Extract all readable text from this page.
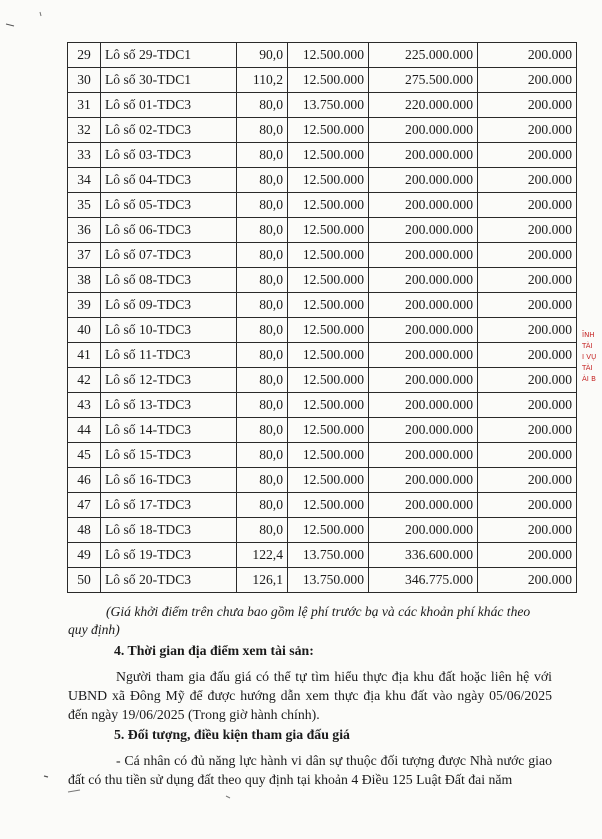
29	Lô số 29-TDC1	90,0	12.500.000	225.000.000	200.000
30	Lô số 30-TDC1	110,2	12.500.000	275.500.000	200.000
31	Lô số 01-TDC3	80,0	13.750.000	220.000.000	200.000
32	Lô số 02-TDC3	80,0	12.500.000	200.000.000	200.000
33	Lô số 03-TDC3	80,0	12.500.000	200.000.000	200.000
34	Lô số 04-TDC3	80,0	12.500.000	200.000.000	200.000
35	Lô số 05-TDC3	80,0	12.500.000	200.000.000	200.000
36	Lô số 06-TDC3	80,0	12.500.000	200.000.000	200.000
37	Lô số 07-TDC3	80,0	12.500.000	200.000.000	200.000
38	Lô số 08-TDC3	80,0	12.500.000	200.000.000	200.000
39	Lô số 09-TDC3	80,0	12.500.000	200.000.000	200.000
40	Lô số 10-TDC3	80,0	12.500.000	200.000.000	200.000
41	Lô số 11-TDC3	80,0	12.500.000	200.000.000	200.000
42	Lô số 12-TDC3	80,0	12.500.000	200.000.000	200.000
43	Lô số 13-TDC3	80,0	12.500.000	200.000.000	200.000
44	Lô số 14-TDC3	80,0	12.500.000	200.000.000	200.000
45	Lô số 15-TDC3	80,0	12.500.000	200.000.000	200.000
46	Lô số 16-TDC3	80,0	12.500.000	200.000.000	200.000
47	Lô số 17-TDC3	80,0	12.500.000	200.000.000	200.000
48	Lô số 18-TDC3	80,0	12.500.000	200.000.000	200.000
49	Lô số 19-TDC3	122,4	13.750.000	336.600.000	200.000
50	Lô số 20-TDC3	126,1	13.750.000	346.775.000	200.000

(Giá khởi điểm trên chưa bao gồm lệ phí trước bạ và các khoản phí khác theo quy định)

4. Thời gian địa điểm xem tài sản:

Người tham gia đấu giá có thể tự tìm hiểu thực địa khu đất hoặc liên hệ với UBND xã Đông Mỹ để được hướng dẫn xem thực địa khu đất vào ngày 05/06/2025 đến ngày 19/06/2025 (Trong giờ hành chính).

5. Đối tượng, điều kiện tham gia đấu giá

- Cá nhân có đủ năng lực hành vi dân sự thuộc đối tượng được Nhà nước giao đất có thu tiền sử dụng đất theo quy định tại khoản 4 Điều 125 Luật Đất đai năm

ĨNH
TÀI
I VỤ
TÀI
ÀI B
